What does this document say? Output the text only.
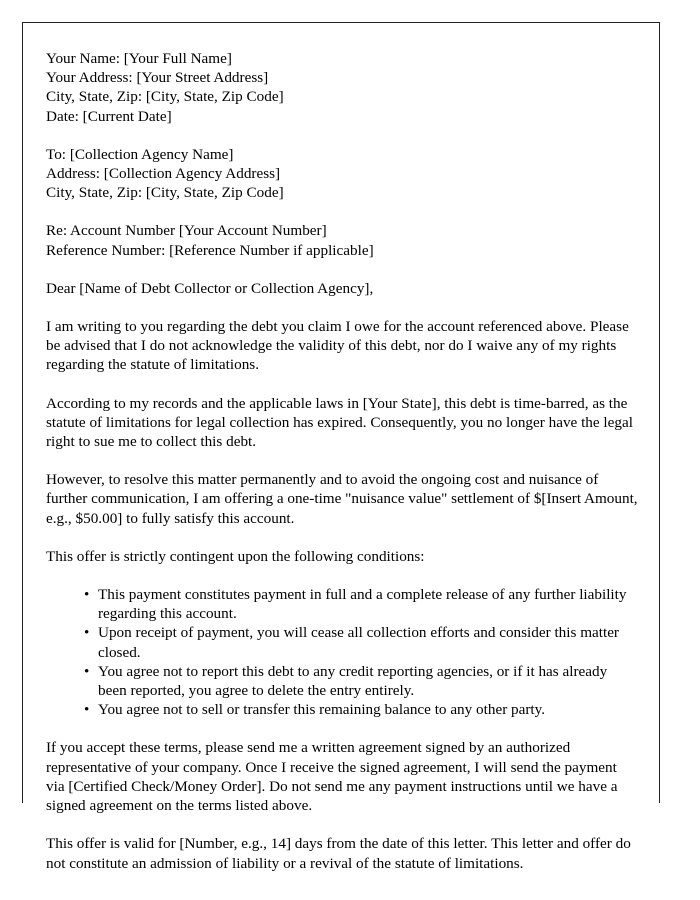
Your Name: [Your Full Name]
Your Address: [Your Street Address]
City, State, Zip: [City, State, Zip Code]
Date: [Current Date]
To: [Collection Agency Name]
Address: [Collection Agency Address]
City, State, Zip: [City, State, Zip Code]
Re: Account Number [Your Account Number]
Reference Number: [Reference Number if applicable]

Dear [Name of Debt Collector or Collection Agency],

I am writing to you regarding the debt you claim I owe for the account referenced above. Please be advised that I do not acknowledge the validity of this debt, nor do I waive any of my rights regarding the statute of limitations.

According to my records and the applicable laws in [Your State], this debt is time-barred, as the statute of limitations for legal collection has expired. Consequently, you no longer have the legal right to sue me to collect this debt.

However, to resolve this matter permanently and to avoid the ongoing cost and nuisance of further communication, I am offering a one-time "nuisance value" settlement of $[Insert Amount, e.g., $50.00] to fully satisfy this account.

This offer is strictly contingent upon the following conditions:

• This payment constitutes payment in full and a complete release of any further liability regarding this account.
• Upon receipt of payment, you will cease all collection efforts and consider this matter closed.
• You agree not to report this debt to any credit reporting agencies, or if it has already been reported, you agree to delete the entry entirely.
• You agree not to sell or transfer this remaining balance to any other party.

If you accept these terms, please send me a written agreement signed by an authorized representative of your company. Once I receive the signed agreement, I will send the payment via [Certified Check/Money Order]. Do not send me any payment instructions until we have a signed agreement on the terms listed above.

This offer is valid for [Number, e.g., 14] days from the date of this letter. This letter and offer do not constitute an admission of liability or a revival of the statute of limitations.
